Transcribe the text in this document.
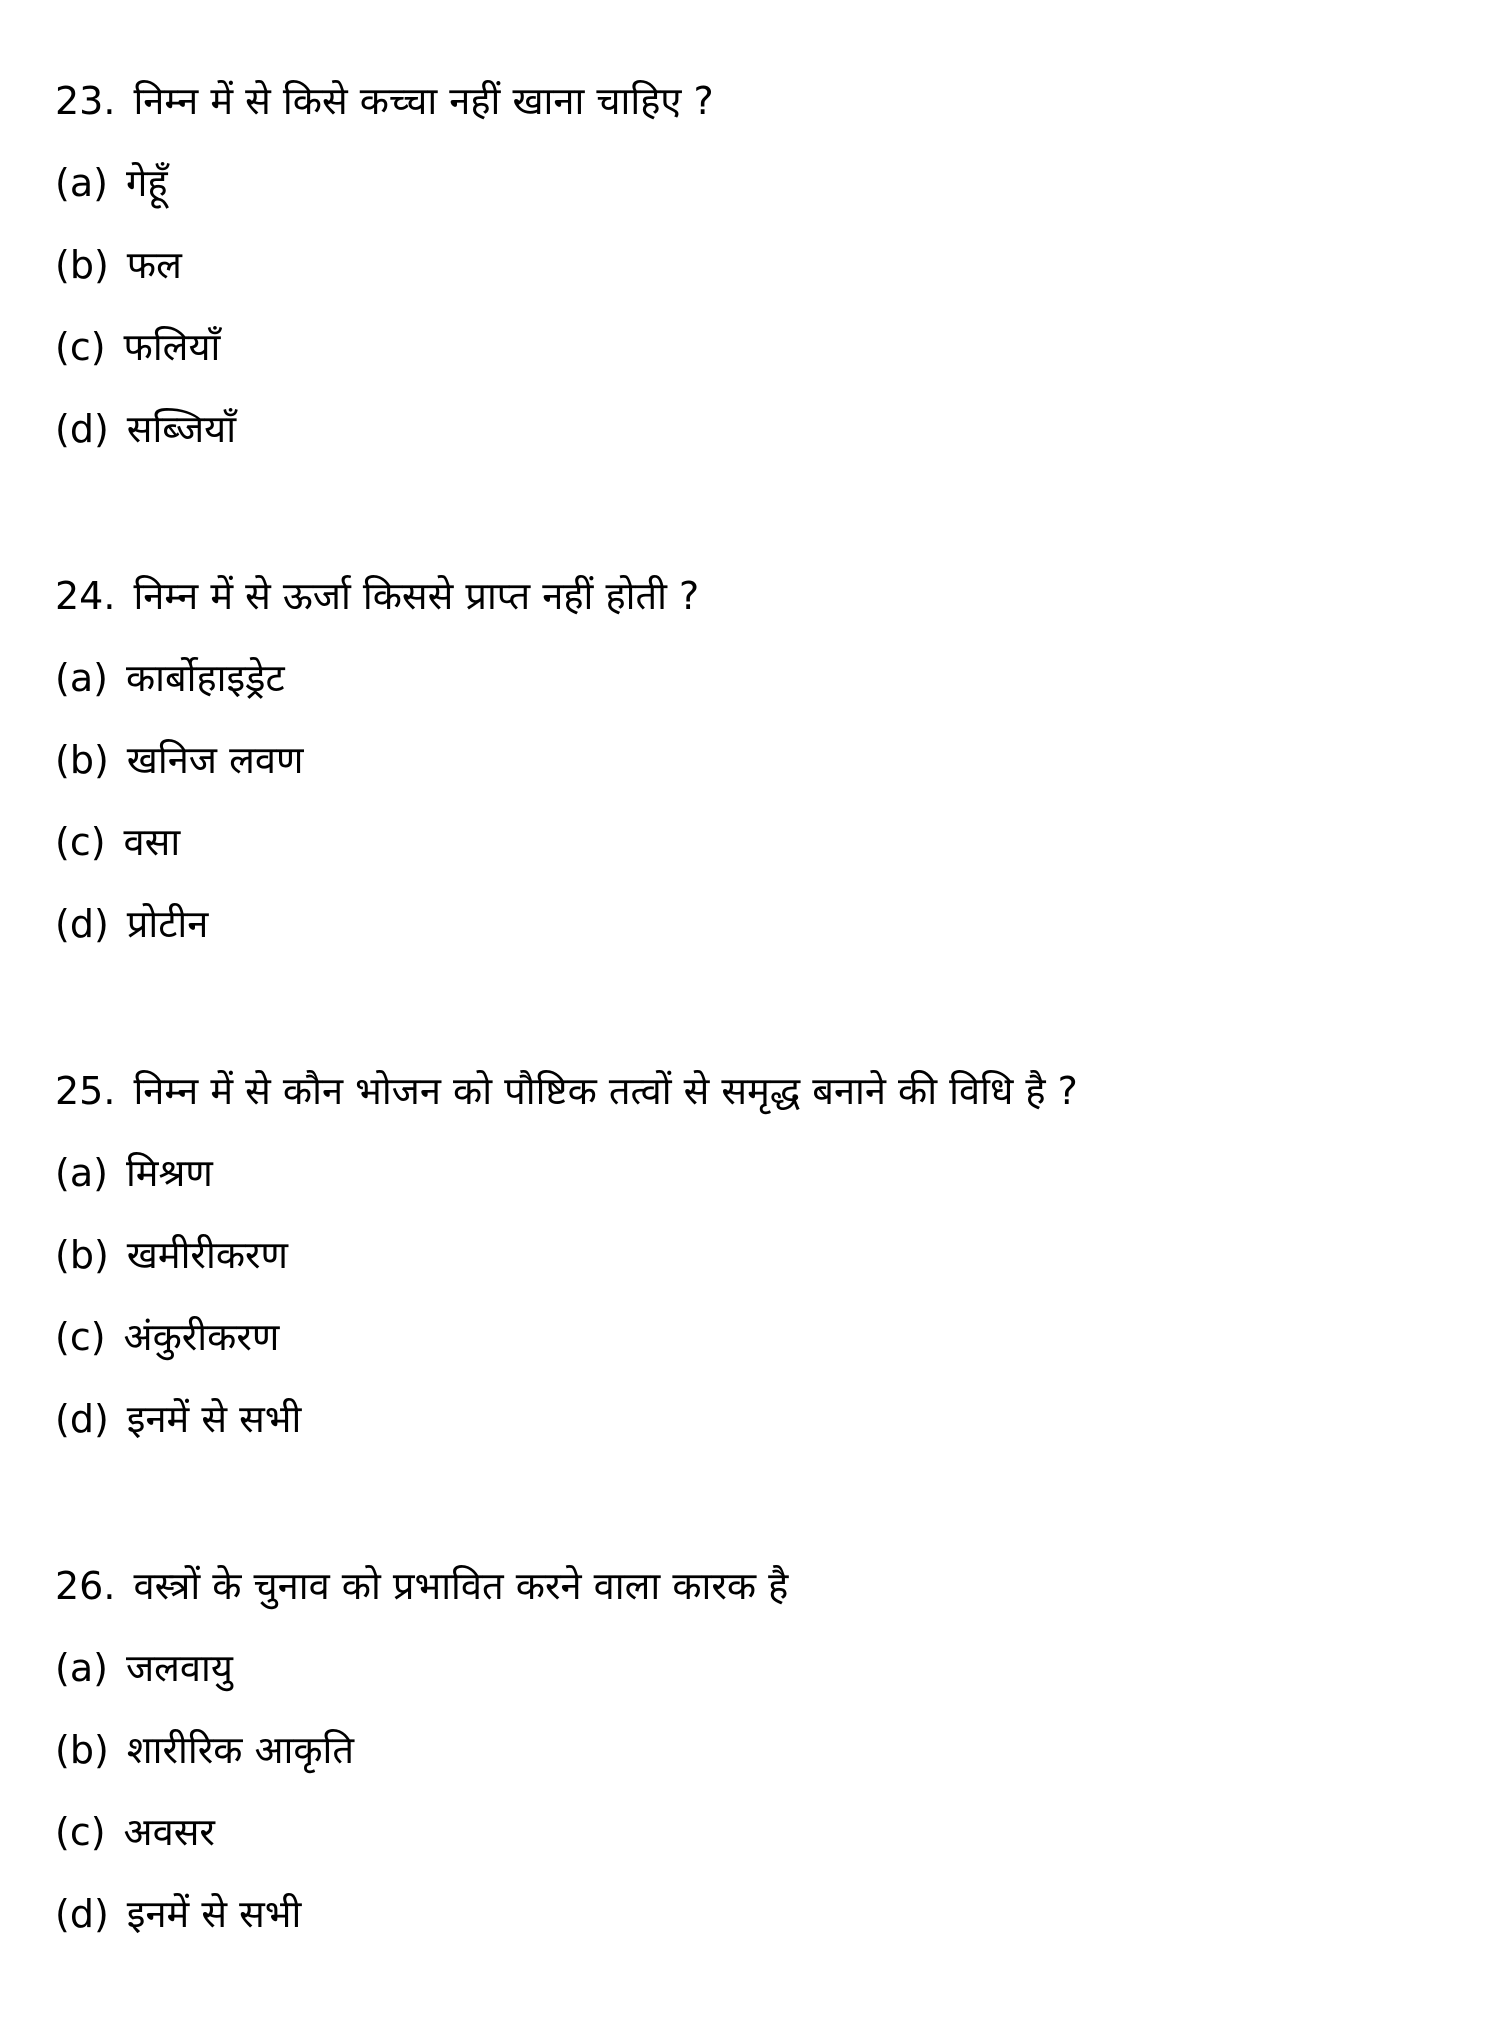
23. निम्न में से किसे कच्चा नहीं खाना चाहिए ?
(a) गेहूँ
(b) फल
(c) फलियाँ
(d) सब्जियाँ
24. निम्न में से ऊर्जा किससे प्राप्त नहीं होती ?
(a) कार्बोहाइड्रेट
(b) खनिज लवण
(c) वसा
(d) प्रोटीन
25. निम्न में से कौन भोजन को पौष्टिक तत्वों से समृद्ध बनाने की विधि है ?
(a) मिश्रण
(b) खमीरीकरण
(c) अंकुरीकरण
(d) इनमें से सभी
26. वस्त्रों के चुनाव को प्रभावित करने वाला कारक है
(a) जलवायु
(b) शारीरिक आकृति
(c) अवसर
(d) इनमें से सभी
